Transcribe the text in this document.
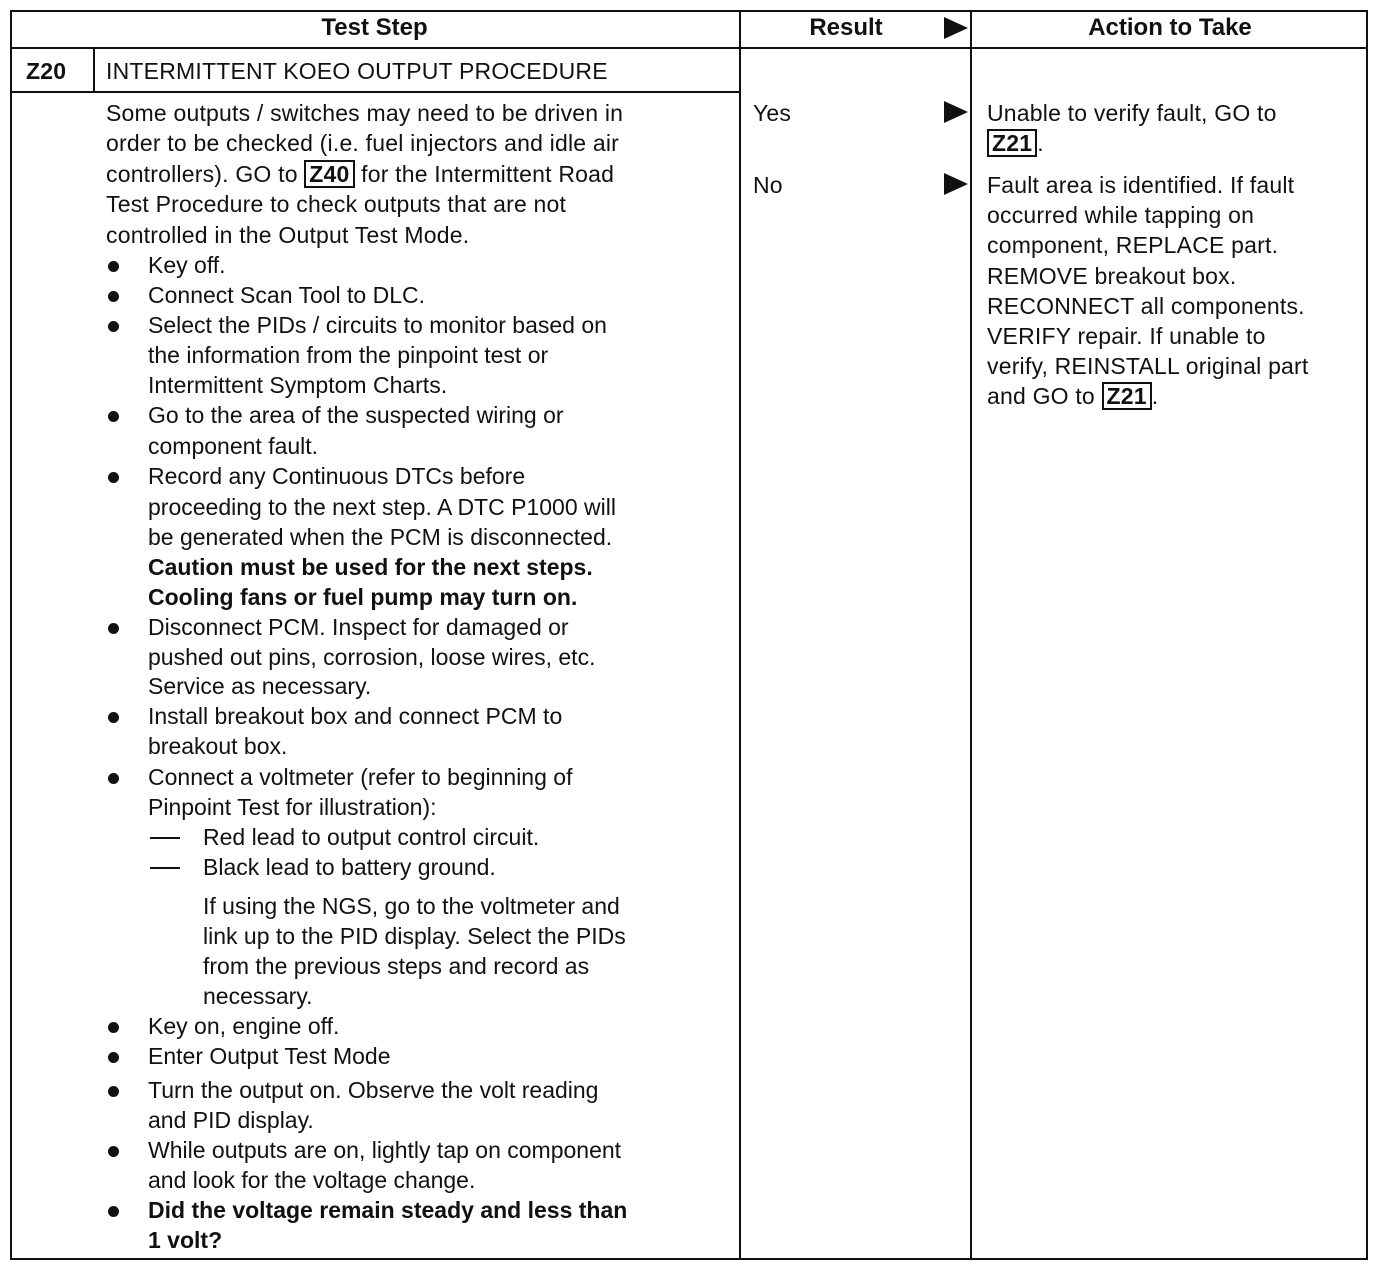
Test Step	Result	Action to Take
Z20 INTERMITTENT KOEO OUTPUT PROCEDURE
Some outputs / switches may need to be driven in
order to be checked (i.e. fuel injectors and idle air
controllers). GO to Z40 for the Intermittent Road
Test Procedure to check outputs that are not
controlled in the Output Test Mode.
Key off.
Connect Scan Tool to DLC.
Select the PIDs / circuits to monitor based on
the information from the pinpoint test or
Intermittent Symptom Charts.
Go to the area of the suspected wiring or
component fault.
Record any Continuous DTCs before
proceeding to the next step. A DTC P1000 will
be generated when the PCM is disconnected.
Caution must be used for the next steps.
Cooling fans or fuel pump may turn on.
Disconnect PCM. Inspect for damaged or
pushed out pins, corrosion, loose wires, etc.
Service as necessary.
Install breakout box and connect PCM to
breakout box.
Connect a voltmeter (refer to beginning of
Pinpoint Test for illustration):
Red lead to output control circuit.
Black lead to battery ground.
If using the NGS, go to the voltmeter and
link up to the PID display. Select the PIDs
from the previous steps and record as
necessary.
Key on, engine off.
Enter Output Test Mode
Turn the output on. Observe the volt reading
and PID display.
While outputs are on, lightly tap on component
and look for the voltage change.
Did the voltage remain steady and less than
1 volt?
Yes
No
Unable to verify fault, GO to
Z21 .
Fault area is identified. If fault
occurred while tapping on
component, REPLACE part.
REMOVE breakout box.
RECONNECT all components.
VERIFY repair. If unable to
verify, REINSTALL original part
and GO to Z21 .
